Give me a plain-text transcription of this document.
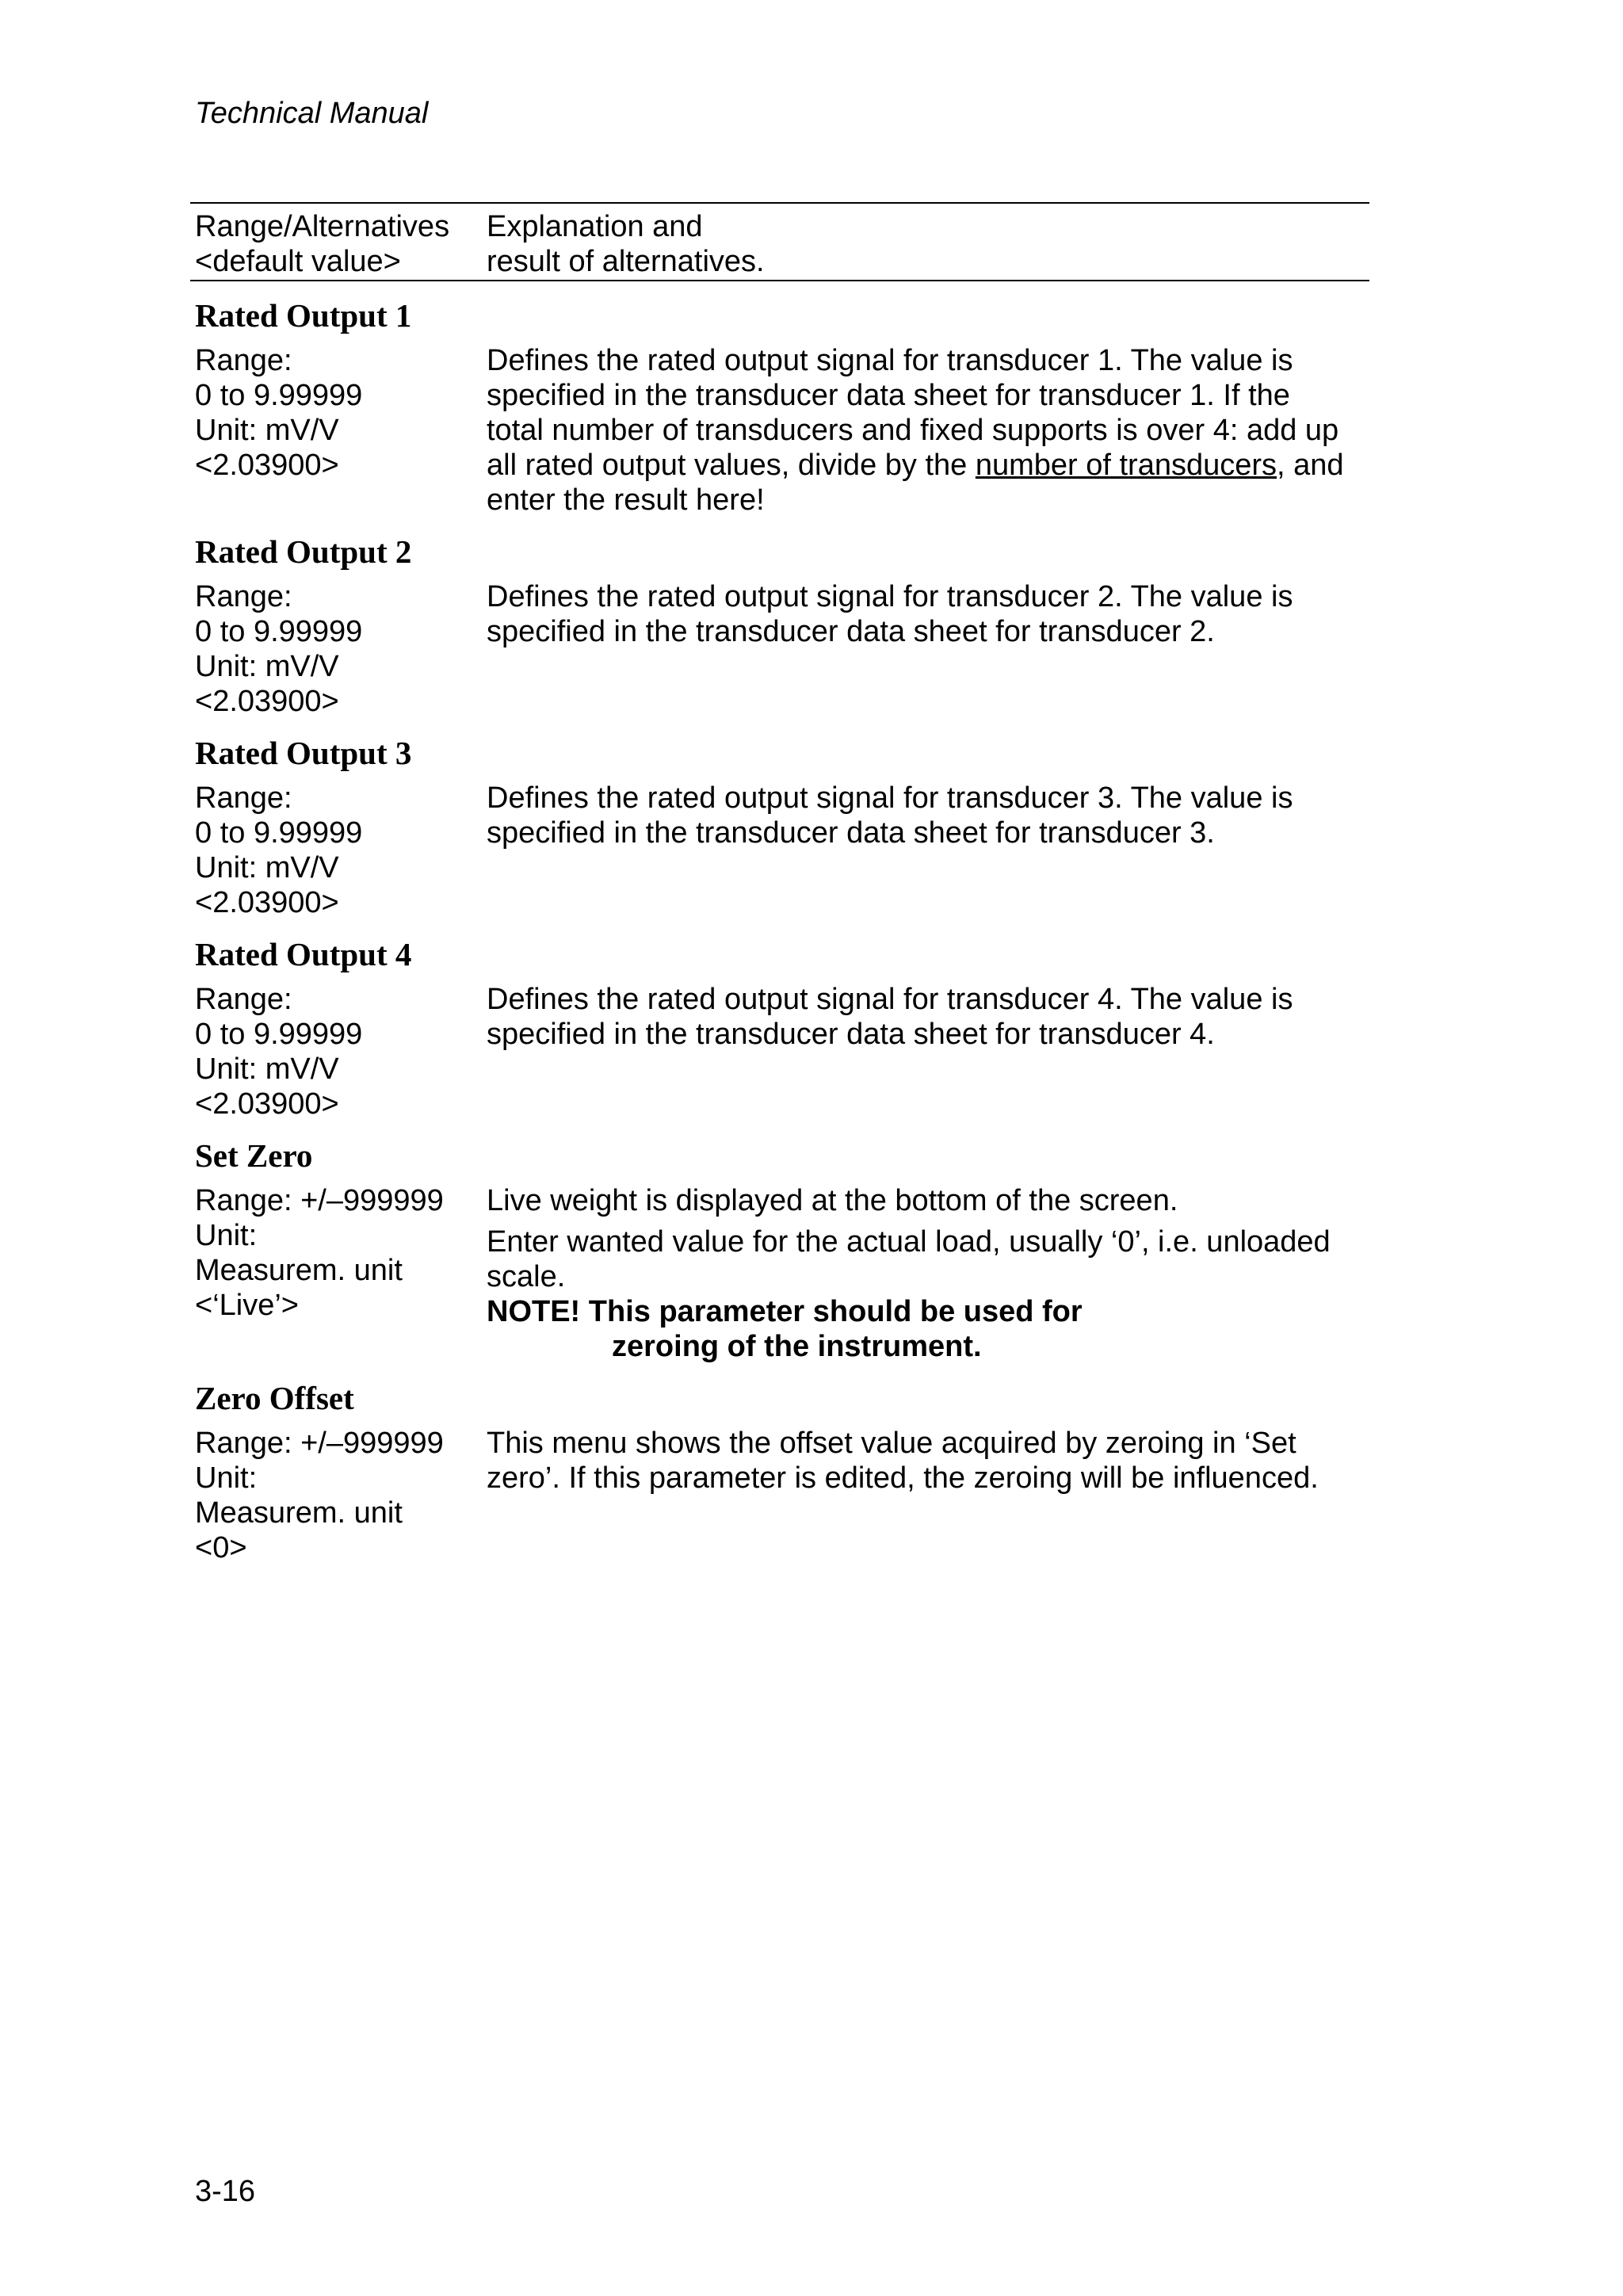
Technical Manual
Range/Alternatives
<default value>
Explanation and
result of alternatives.
Rated Output 1
Range:
0 to 9.99999
Unit: mV/V
<2.03900>
Defines the rated output signal for transducer 1. The value is
specified in the transducer data sheet for transducer 1. If the
total number of transducers and fixed supports is over 4: add up
all rated output values, divide by the number of transducers, and
enter the result here!
Rated Output 2
Range:
0 to 9.99999
Unit: mV/V
<2.03900>
Defines the rated output signal for transducer 2. The value is
specified in the transducer data sheet for transducer 2.
Rated Output 3
Range:
0 to 9.99999
Unit: mV/V
<2.03900>
Defines the rated output signal for transducer 3. The value is
specified in the transducer data sheet for transducer 3.
Rated Output 4
Range:
0 to 9.99999
Unit: mV/V
<2.03900>
Defines the rated output signal for transducer 4. The value is
specified in the transducer data sheet for transducer 4.
Set Zero
Range: +/–999999
Unit:
Measurem. unit
<‘Live’>
Live weight is displayed at the bottom of the screen.
Enter wanted value for the actual load, usually ‘0’, i.e. unloaded
scale.
NOTE! This parameter should be used for
zeroing of the instrument.
Zero Offset
Range: +/–999999
Unit:
Measurem. unit
<0>
This menu shows the offset value acquired by zeroing in ‘Set
zero’. If this parameter is edited, the zeroing will be influenced.
3-16
